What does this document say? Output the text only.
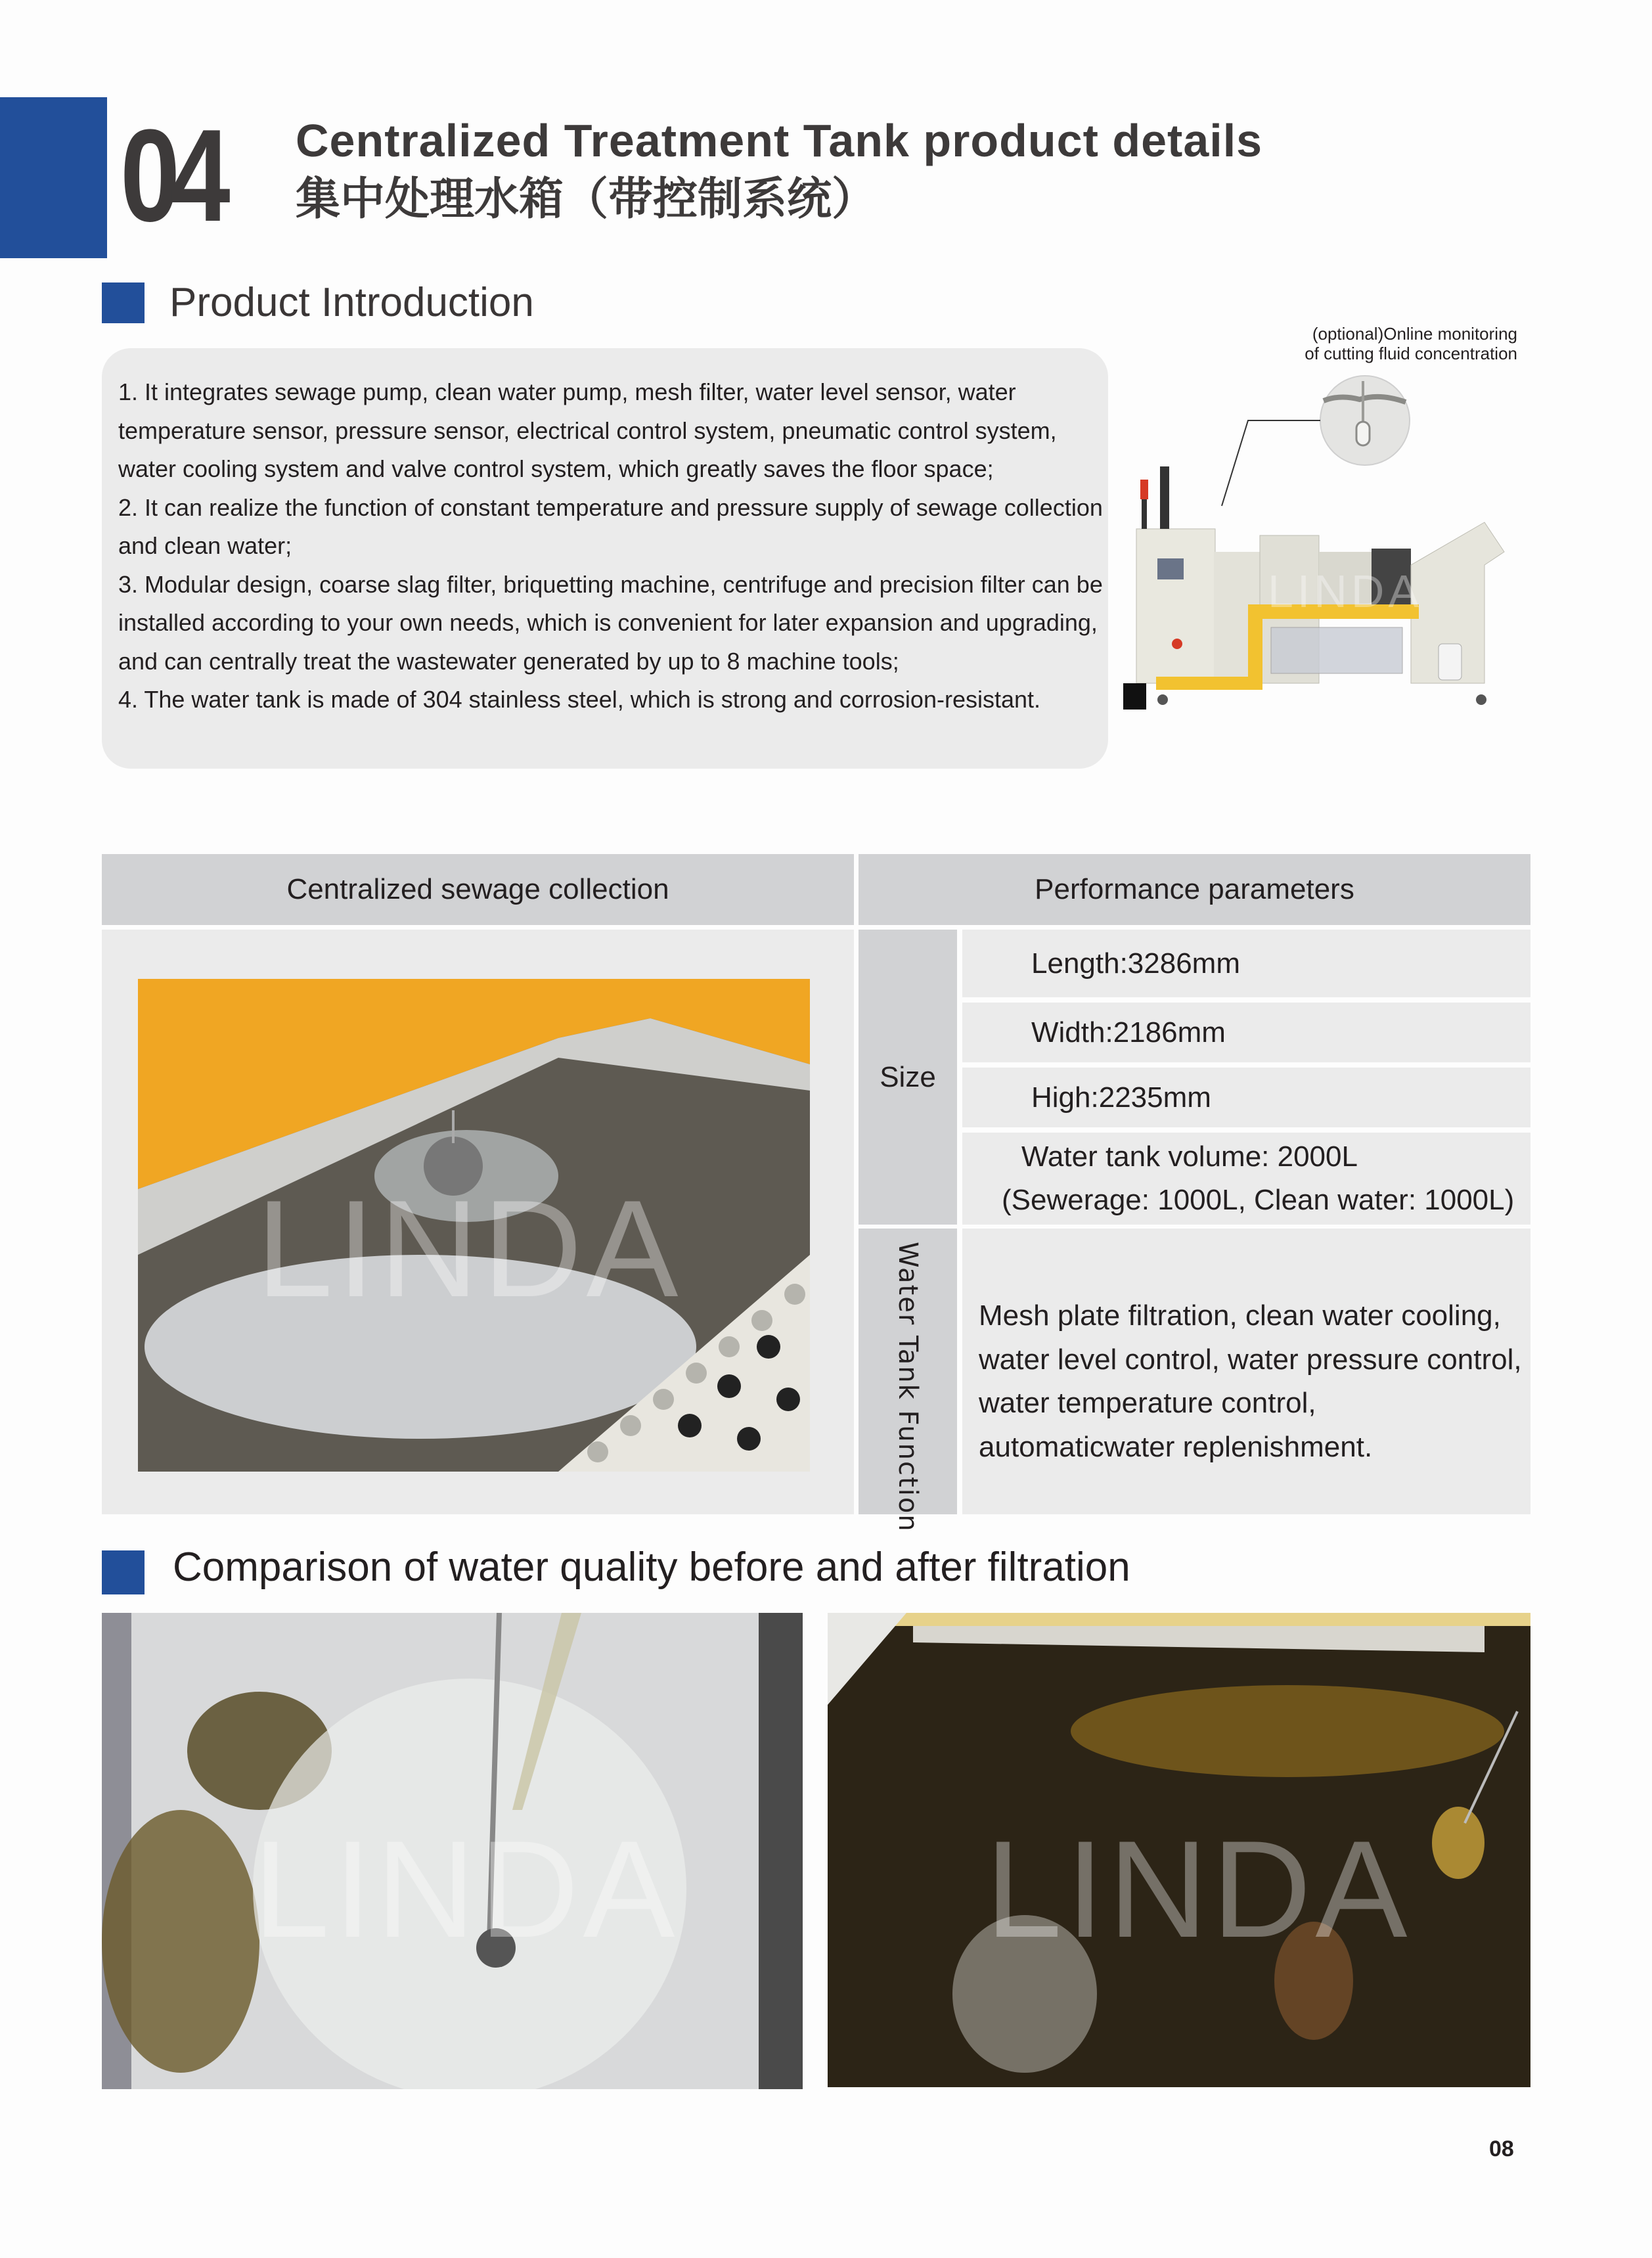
04 Centralized Treatment Tank product details
集中处理水箱（带控制系统）
Product Introduction

1. It integrates sewage pump, clean water pump, mesh filter, water level sensor, water temperature sensor, pressure sensor, electrical control system, pneumatic control system, water cooling system and valve control system, which greatly saves the floor space;

2. It can realize the function of constant temperature and pressure supply of sewage collection and clean water;

3. Modular design, coarse slag filter, briquetting machine, centrifuge and precision filter can be installed according to your own needs, which is convenient for later expansion and upgrading, and can centrally treat the wastewater generated by up to 8 machine tools;

4. The water tank is made of 304 stainless steel, which is strong and corrosion-resistant.

(optional)Online monitoring
of cutting fluid concentration
LINDA
Centralized sewage collection	Performance parameters
LINDA
Size
Length:3286mm
Width:2186mm
High:2235mm
Water tank volume: 2000L
(Sewerage: 1000L, Clean water: 1000L)
Water Tank Function Mesh plate filtration, clean water cooling,

water level control, water pressure control,

water temperature control,

automaticwater replenishment.

Comparison of water quality before and after filtration
LINDA LINDA
08
